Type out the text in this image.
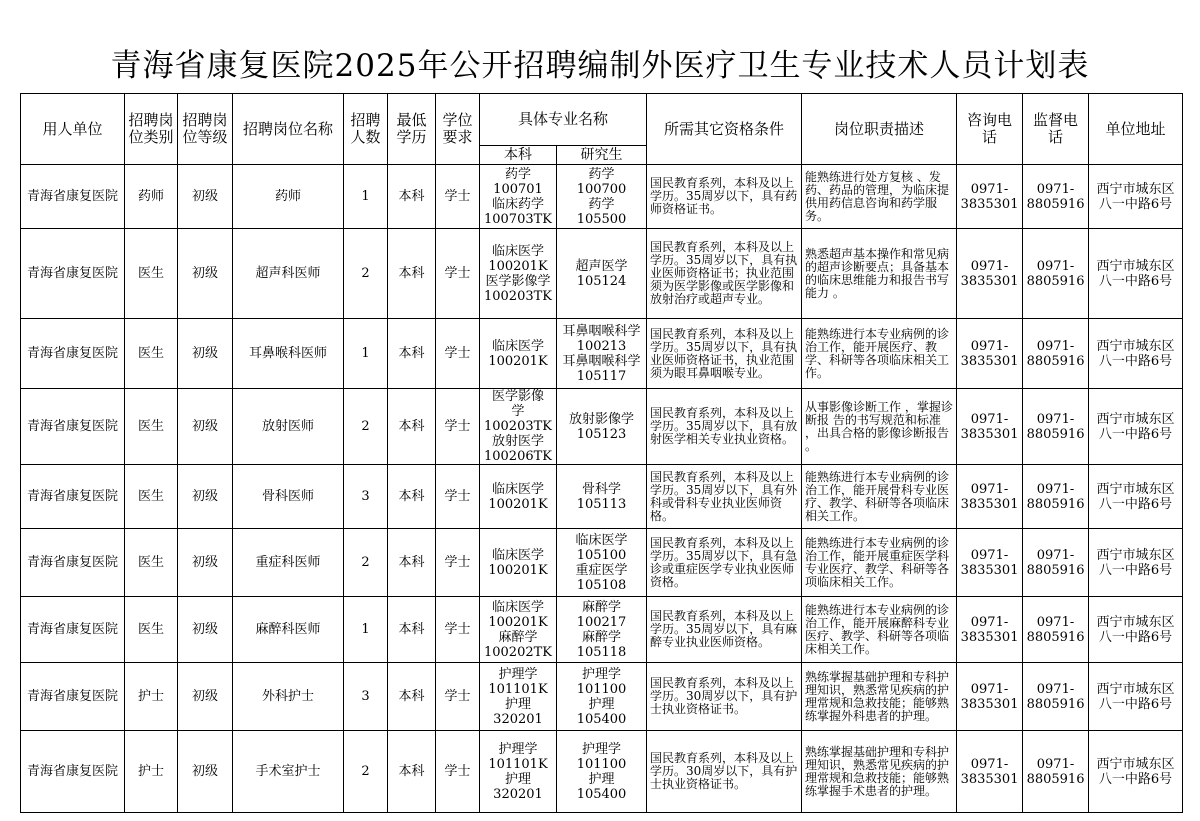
青海省康复医院2025年公开招聘编制外医疗卫生专业技术人员计划表
用人单位	招聘岗
位类别	招聘岗
位等级	招聘岗位名称	招聘
人数	最低
学历	学位
要求	具体专业名称		所需其它资格条件	岗位职责描述	咨询电
话	监督电
话	单位地址
							本科	研究生					
青海省康复医院	药师	初级	药师	1	本科	学士	药学
100701
临床药学
100703TK	药学
100700
药学
105500	国民教育系列，本科及以上学历。35周岁以下，具有药师资格证书。	能熟练进行处方复核 、发药、药品的管理，为临床提供用药信息咨询和药学服务。	0971-
3835301	0971-
8805916	西宁市城东区
八一中路6号

青海省康复医院	医生	初级	超声科医师	2	本科	学士	临床医学
100201K
医学影像学
100203TK	超声医学
105124	国民教育系列，本科及以上学历。35周岁以下，具有执业医师资格证书；执业范围须为医学影像或医学影像和放射治疗或超声专业。	熟悉超声基本操作和常见病的超声诊断要点；具备基本的临床思维能力和报告书写能力 。	0971-
3835301	0971-
8805916	西宁市城东区
八一中路6号

青海省康复医院	医生	初级	耳鼻喉科医师	1	本科	学士	临床医学
100201K	耳鼻咽喉科学
100213
耳鼻咽喉科学
105117	国民教育系列，本科及以上学历。35周岁以下，具有执业医师资格证书，执业范围须为眼耳鼻咽喉专业。	能熟练进行本专业病例的诊治工作，能开展医疗、教学、科研等各项临床相关工作。	0971-
3835301	0971-
8805916	西宁市城东区
八一中路6号

青海省康复医院	医生	初级	放射医师	2	本科	学士	医学影像
学100203TK
放射医学
100206TK	放射影像学
105123	国民教育系列，本科及以上学历。35周岁以下，具有放射医学相关专业执业资格。	从事影像诊断工作 ，掌握诊断报 告的书写规范和标准 ，出具合格的影像诊断报告 。	0971-
3835301	0971-
8805916	西宁市城东区
八一中路6号

青海省康复医院	医生	初级	骨科医师	3	本科	学士	临床医学
100201K	骨科学
105113	国民教育系列，本科及以上学历。35周岁以下，具有外科或骨科专业执业医师资格。	能熟练进行本专业病例的诊治工作，能开展骨科专业医疗、教学、科研等各项临床相关工作。	0971-
3835301	0971-
8805916	西宁市城东区
八一中路6号

青海省康复医院	医生	初级	重症科医师	2	本科	学士	临床医学
100201K	临床医学
105100
重症医学
105108	国民教育系列，本科及以上学历。35周岁以下，具有急诊或重症医学专业执业医师资格。	能熟练进行本专业病例的诊治工作，能开展重症医学科专业医疗、教学、科研等各项临床相关工作。	0971-
3835301	0971-
8805916	西宁市城东区
八一中路6号

青海省康复医院	医生	初级	麻醉科医师	1	本科	学士	临床医学
100201K
麻醉学
100202TK	麻醉学
100217
麻醉学
105118	国民教育系列，本科及以上学历。35周岁以下，具有麻醉专业执业医师资格。	能熟练进行本专业病例的诊治工作，能开展麻醉科专业医疗、教学、科研等各项临床相关工作。	0971-
3835301	0971-
8805916	西宁市城东区
八一中路6号

青海省康复医院	护士	初级	外科护士	3	本科	学士	护理学
101101K
护理
320201	护理学
101100
护理
105400	国民教育系列，本科及以上学历。30周岁以下，具有护士执业资格证书。	熟练掌握基础护理和专科护理知识，熟悉常见疾病的护理常规和急救技能；能够熟练掌握外科患者的护理。	0971-
3835301	0971-
8805916	西宁市城东区
八一中路6号

青海省康复医院	护士	初级	手术室护士	2	本科	学士	护理学
101101K
护理
320201	护理学
101100
护理
105400	国民教育系列，本科及以上学历。30周岁以下，具有护士执业资格证书。	熟练掌握基础护理和专科护理知识，熟悉常见疾病的护理常规和急救技能；能够熟练掌握手术患者的护理。	0971-
3835301	0971-
8805916	西宁市城东区
八一中路6号
